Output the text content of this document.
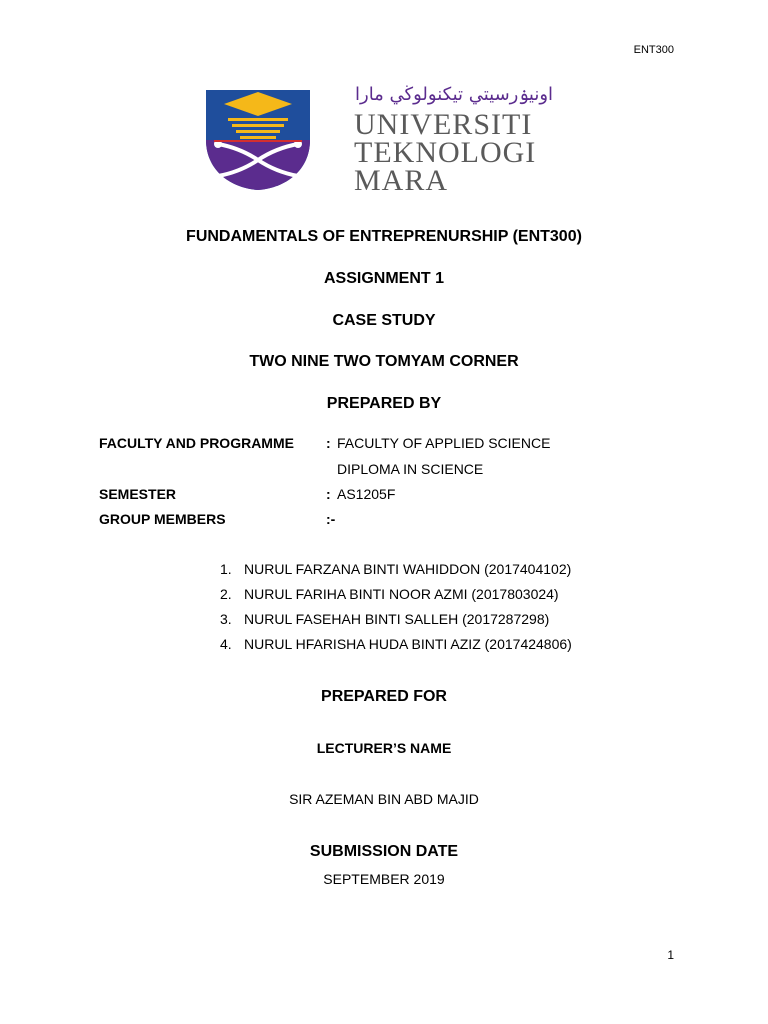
ENT300
اونيۏرسيتي تيكنولوڬي مارا
UNIVERSITI
TEKNOLOGI
MARA
FUNDAMENTALS OF ENTREPRENURSHIP (ENT300)
ASSIGNMENT 1
CASE STUDY
TWO NINE TWO TOMYAM CORNER
PREPARED BY
FACULTY AND PROGRAMME : FACULTY OF APPLIED SCIENCE
DIPLOMA IN SCIENCE
SEMESTER	: AS1205F
GROUP MEMBERS	:-
1. NURUL FARZANA BINTI WAHIDDON (2017404102)
2. NURUL FARIHA BINTI NOOR AZMI (2017803024)
3. NURUL FASEHAH BINTI SALLEH (2017287298)
4. NURUL HFARISHA HUDA BINTI AZIZ (2017424806)
PREPARED FOR
LECTURER’S NAME
SIR AZEMAN BIN ABD MAJID
SUBMISSION DATE
SEPTEMBER 2019
1
